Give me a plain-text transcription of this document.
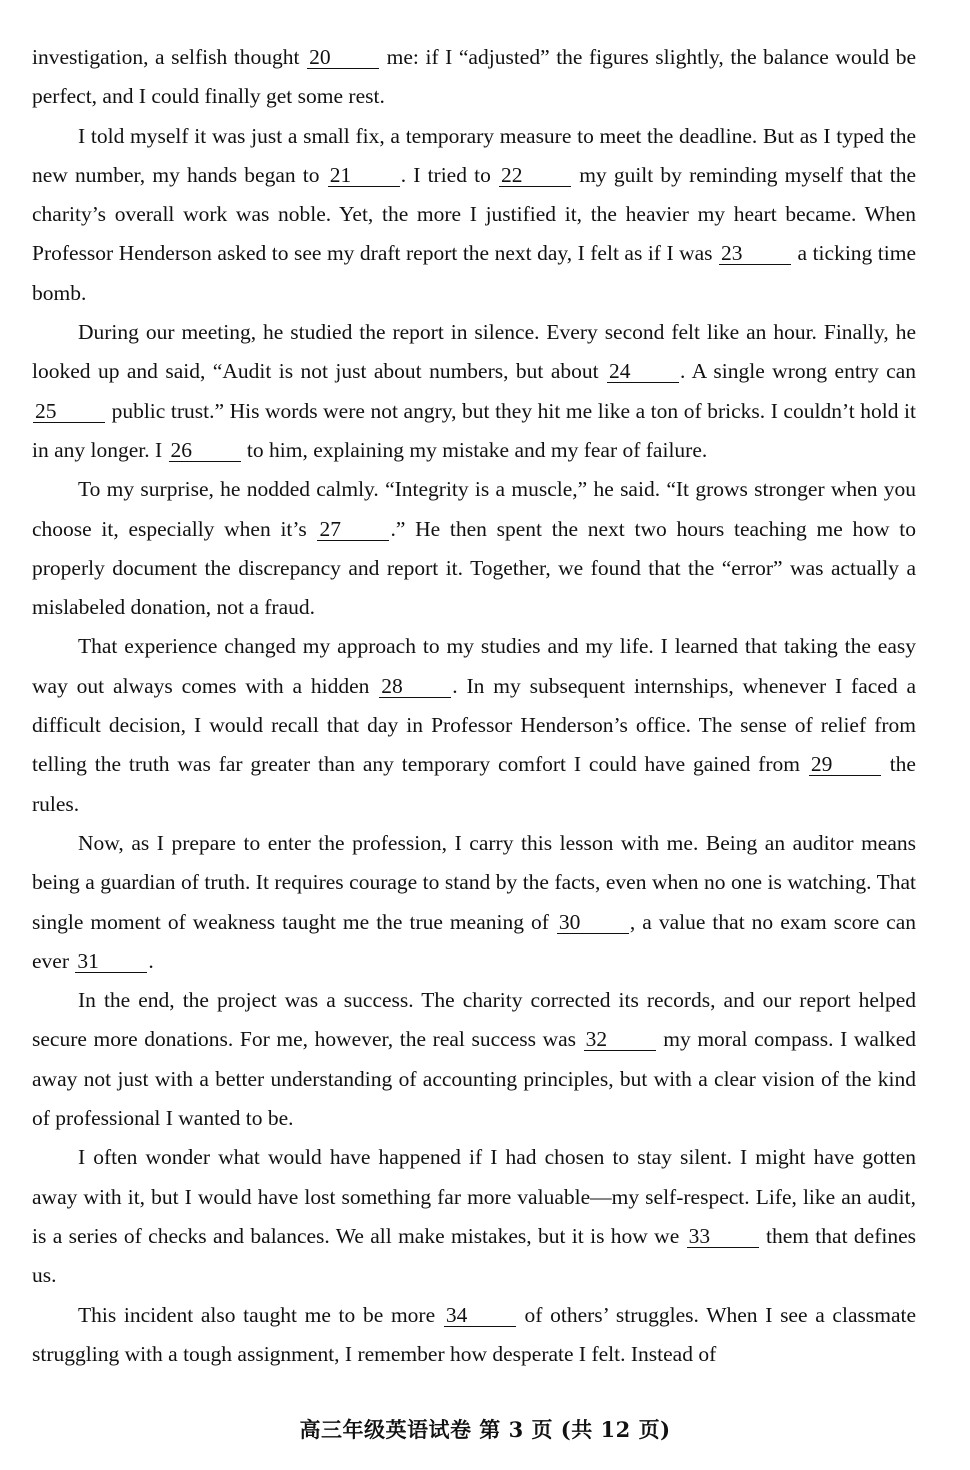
investigation, a selfish thought 20 me: if I “adjusted” the figures slightly, the balance would be perfect, and I could finally get some rest.

I told myself it was just a small fix, a temporary measure to meet the deadline. But as I typed the new number, my hands began to 21 . I tried to 22 my guilt by reminding myself that the charity’s overall work was noble. Yet, the more I justified it, the heavier my heart became. When Professor Henderson asked to see my draft report the next day, I felt as if I was 23 a ticking time bomb.

During our meeting, he studied the report in silence. Every second felt like an hour. Finally, he looked up and said, “Audit is not just about numbers, but about 24 . A single wrong entry can 25 public trust.” His words were not angry, but they hit me like a ton of bricks. I couldn’t hold it in any longer. I 26 to him, explaining my mistake and my fear of failure.

To my surprise, he nodded calmly. “Integrity is a muscle,” he said. “It grows stronger when you choose it, especially when it’s 27 .” He then spent the next two hours teaching me how to properly document the discrepancy and report it. Together, we found that the “error” was actually a mislabeled donation, not a fraud.

That experience changed my approach to my studies and my life. I learned that taking the easy way out always comes with a hidden 28 . In my subsequent internships, whenever I faced a difficult decision, I would recall that day in Professor Henderson’s office. The sense of relief from telling the truth was far greater than any temporary comfort I could have gained from 29 the rules.

Now, as I prepare to enter the profession, I carry this lesson with me. Being an auditor means being a guardian of truth. It requires courage to stand by the facts, even when no one is watching. That single moment of weakness taught me the true meaning of 30 , a value that no exam score can ever 31 .

In the end, the project was a success. The charity corrected its records, and our report helped secure more donations. For me, however, the real success was 32 my moral compass. I walked away not just with a better understanding of accounting principles, but with a clear vision of the kind of professional I wanted to be.

I often wonder what would have happened if I had chosen to stay silent. I might have gotten away with it, but I would have lost something far more valuable—my self-respect. Life, like an audit, is a series of checks and balances. We all make mistakes, but it is how we 33 them that defines us.

This incident also taught me to be more 34 of others’ struggles. When I see a classmate struggling with a tough assignment, I remember how desperate I felt. Instead of

高三年级英语试卷 第 3 页 (共 12 页)
